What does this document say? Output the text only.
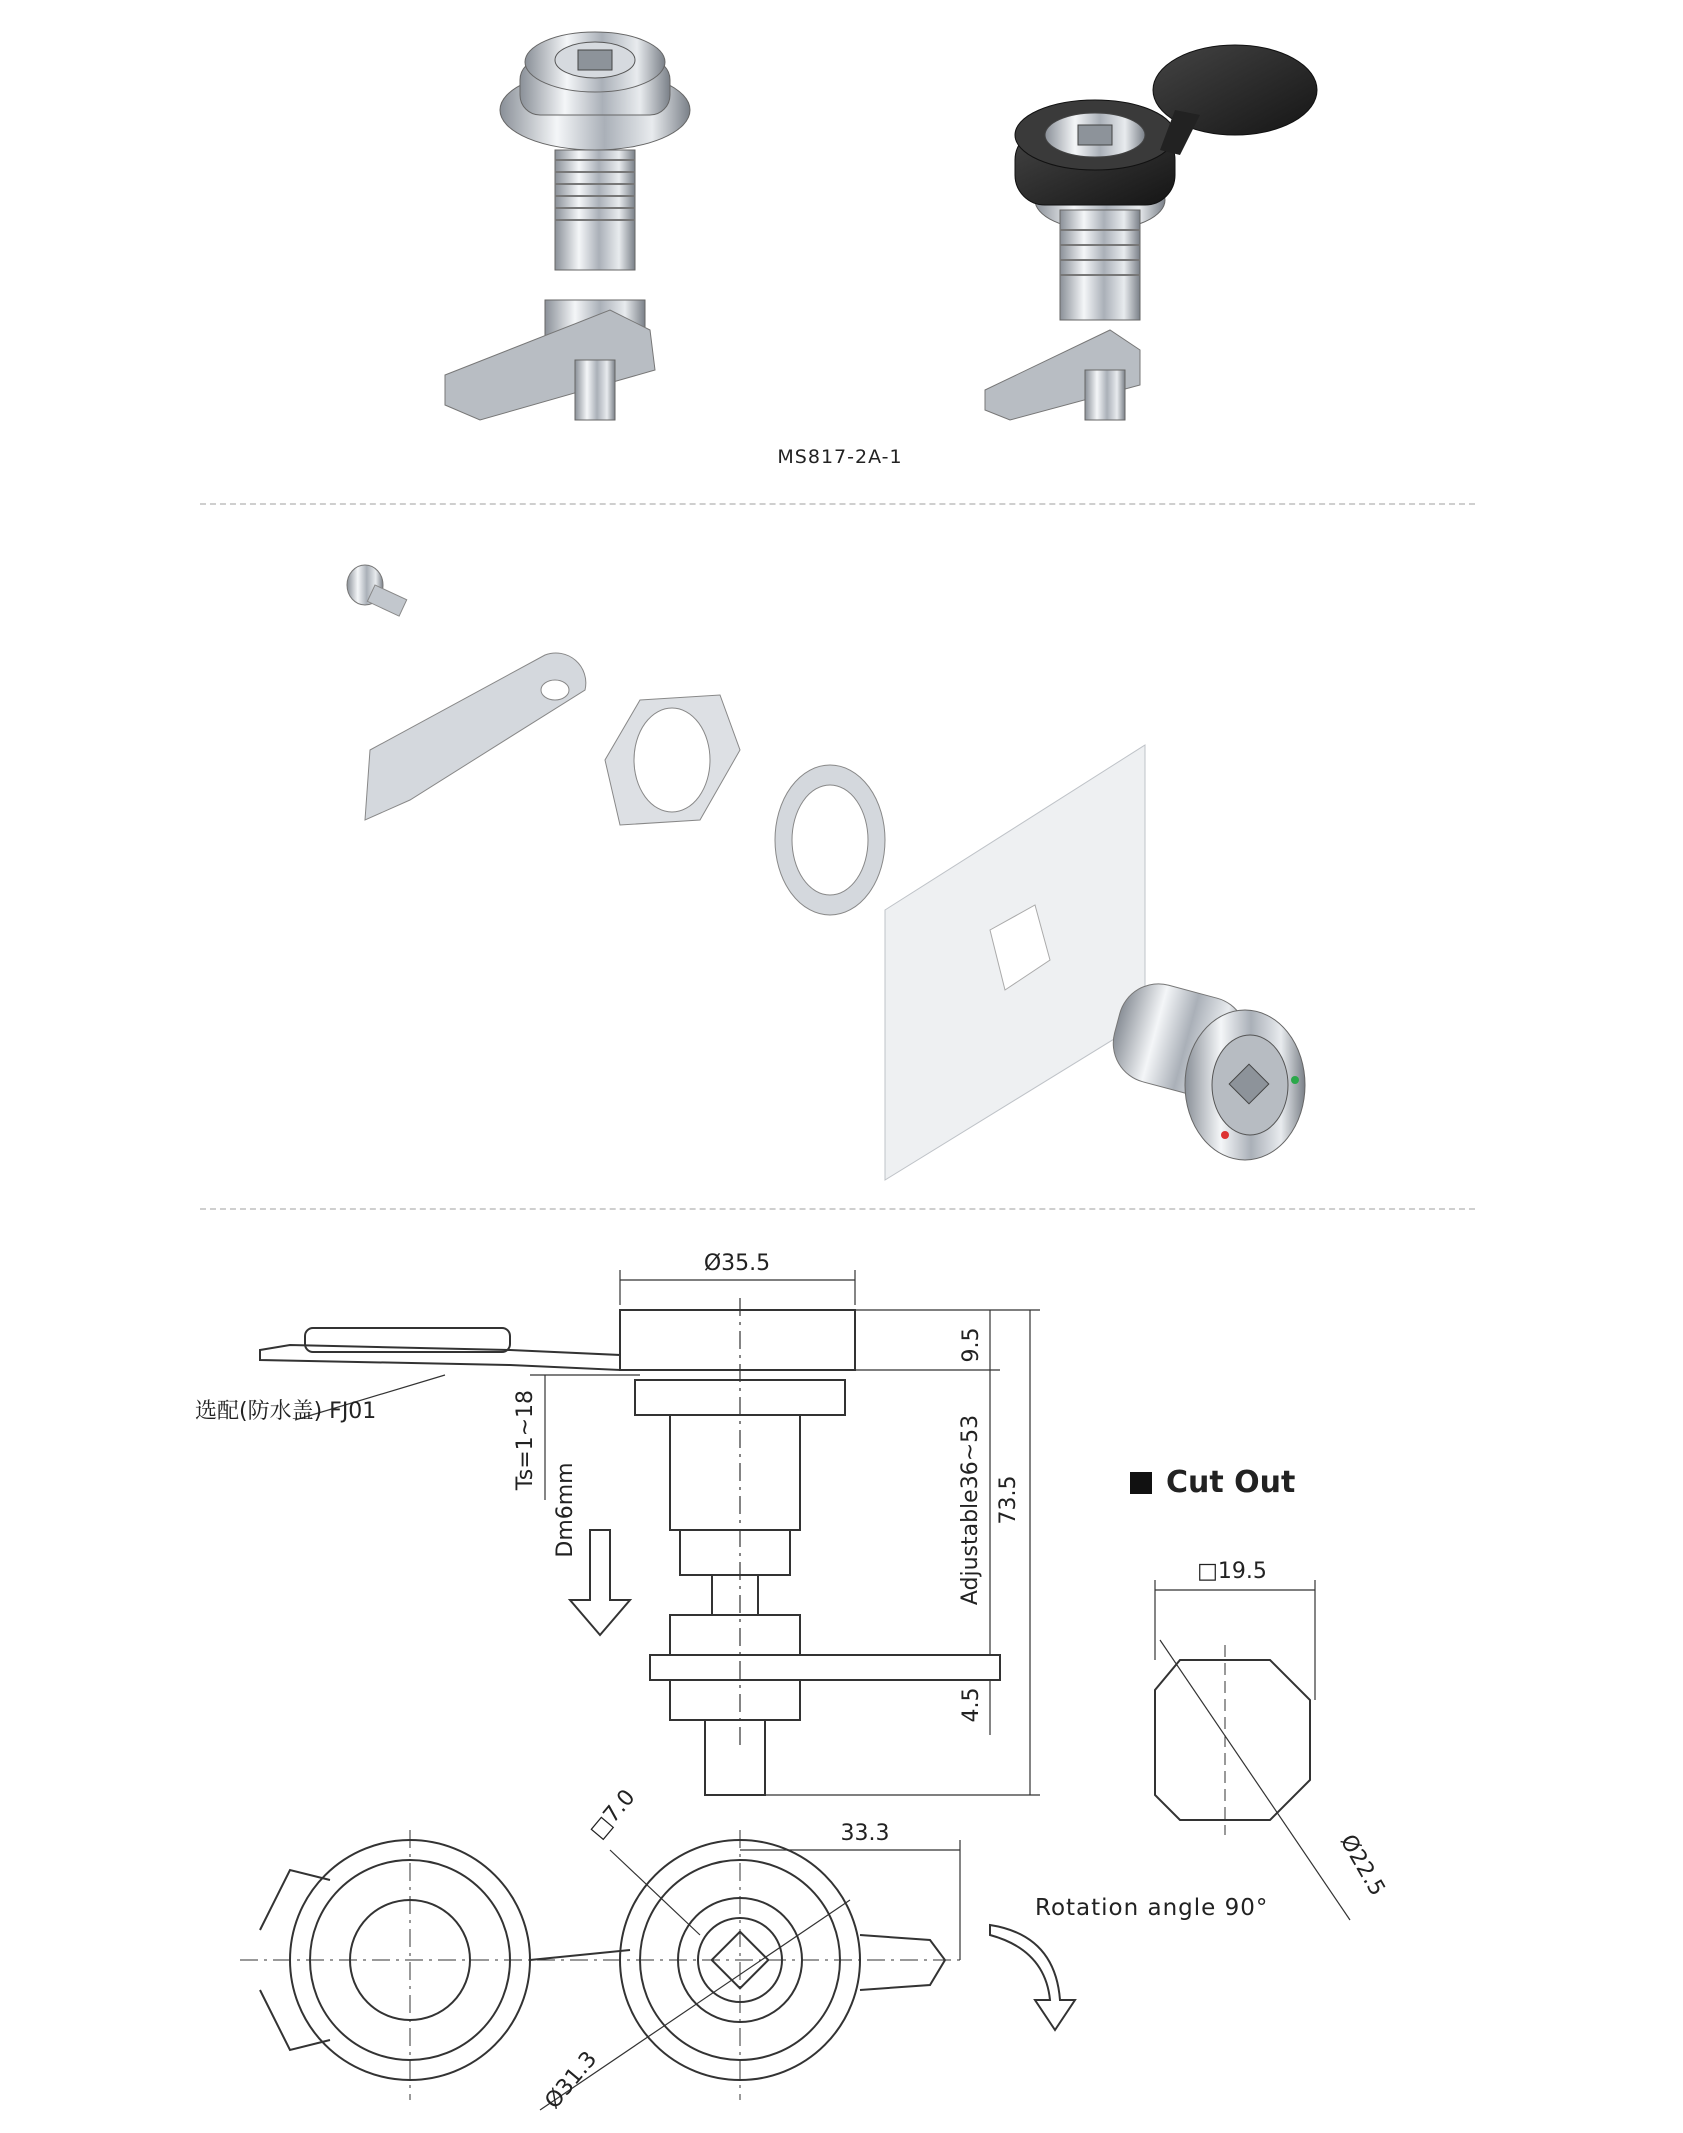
MS817-2A-1
Ø35.5
9.5
选配(防水盖) FJ01	Ts=1~18
Dm6mm	Adjustable36~53 73.5
4.5
□7.0	33.3
Ø31.3
□19.5
Ø22.5
Cut Out
Rotation angle 90°
